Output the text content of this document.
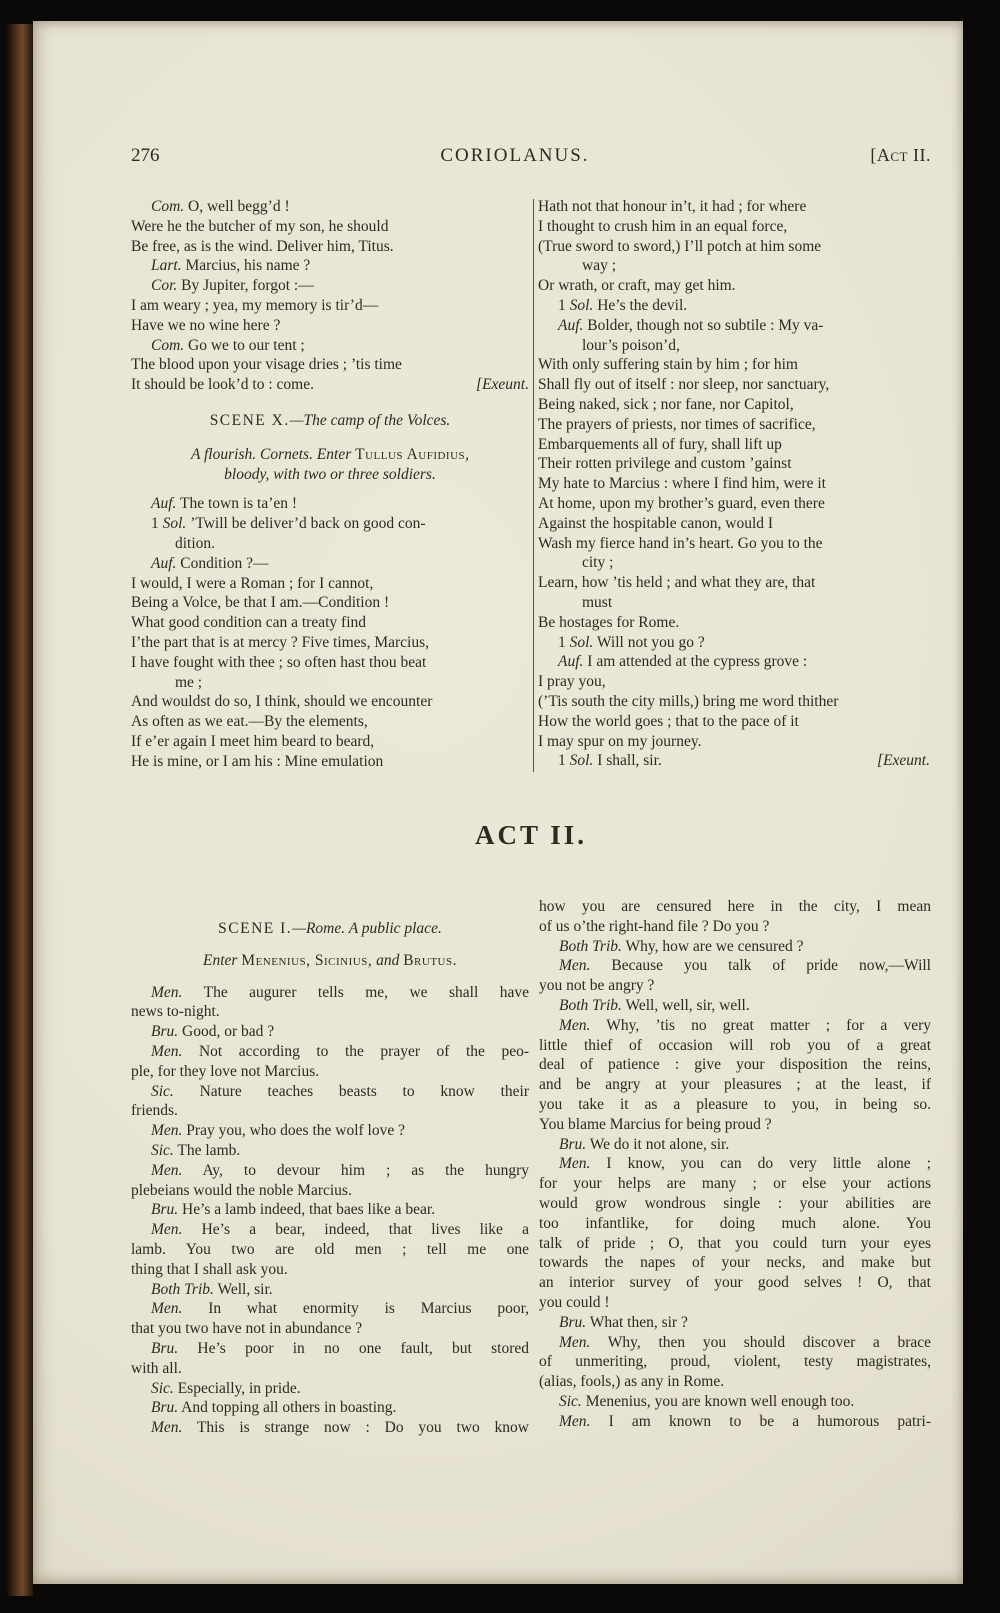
276	CORIOLANUS.	[Act II.
Com. O, well begg’d !
Were he the butcher of my son, he should
Be free, as is the wind. Deliver him, Titus.
Lart. Marcius, his name ?
Cor. By Jupiter, forgot :—
I am weary ; yea, my memory is tir’d—
Have we no wine here ?
Com. Go we to our tent ;
The blood upon your visage dries ; ’tis time
It should be look’d to : come.	[Exeunt.
SCENE X.—The camp of the Volces.
A flourish. Cornets. Enter Tullus Aufidius,
bloody, with two or three soldiers.
Auf. The town is ta’en !
1 Sol. ’Twill be deliver’d back on good con-
dition.
Auf. Condition ?—
I would, I were a Roman ; for I cannot,
Being a Volce, be that I am.—Condition !
What good condition can a treaty find
I’the part that is at mercy ? Five times, Marcius,
I have fought with thee ; so often hast thou beat
me ;
And wouldst do so, I think, should we encounter
As often as we eat.—By the elements,
If e’er again I meet him beard to beard,
He is mine, or I am his : Mine emulation
Hath not that honour in’t, it had ; for where
I thought to crush him in an equal force,
(True sword to sword,) I’ll potch at him some
way ;
Or wrath, or craft, may get him.
1 Sol. He’s the devil.
Auf. Bolder, though not so subtile : My va-
lour’s poison’d,
With only suffering stain by him ; for him
Shall fly out of itself : nor sleep, nor sanctuary,
Being naked, sick ; nor fane, nor Capitol,
The prayers of priests, nor times of sacrifice,
Embarquements all of fury, shall lift up
Their rotten privilege and custom ’gainst
My hate to Marcius : where I find him, were it
At home, upon my brother’s guard, even there
Against the hospitable canon, would I
Wash my fierce hand in’s heart. Go you to the
city ;
Learn, how ’tis held ; and what they are, that
must
Be hostages for Rome.
1 Sol. Will not you go ?
Auf. I am attended at the cypress grove :
I pray you,
(’Tis south the city mills,) bring me word thither
How the world goes ; that to the pace of it
I may spur on my journey.
1 Sol. I shall, sir.	[Exeunt.
ACT II.
SCENE I.—Rome. A public place.
Enter Menenius, Sicinius, and Brutus.
Men. The augurer tells me, we shall have
news to-night.
Bru. Good, or bad ?
Men. Not according to the prayer of the peo-
ple, for they love not Marcius.
Sic. Nature teaches beasts to know their
friends.
Men. Pray you, who does the wolf love ?
Sic. The lamb.
Men. Ay, to devour him ; as the hungry
plebeians would the noble Marcius.
Bru. He’s a lamb indeed, that baes like a bear.
Men. He’s a bear, indeed, that lives like a
lamb. You two are old men ; tell me one
thing that I shall ask you.
Both Trib. Well, sir.
Men. In what enormity is Marcius poor,
that you two have not in abundance ?
Bru. He’s poor in no one fault, but stored
with all.
Sic. Especially, in pride.
Bru. And topping all others in boasting.
Men. This is strange now : Do you two know
how you are censured here in the city, I mean
of us o’the right-hand file ? Do you ?
Both Trib. Why, how are we censured ?
Men. Because you talk of pride now,—Will
you not be angry ?
Both Trib. Well, well, sir, well.
Men. Why, ’tis no great matter ; for a very
little thief of occasion will rob you of a great
deal of patience : give your disposition the reins,
and be angry at your pleasures ; at the least, if
you take it as a pleasure to you, in being so.
You blame Marcius for being proud ?
Bru. We do it not alone, sir.
Men. I know, you can do very little alone ;
for your helps are many ; or else your actions
would grow wondrous single : your abilities are
too infantlike, for doing much alone. You
talk of pride ; O, that you could turn your eyes
towards the napes of your necks, and make but
an interior survey of your good selves ! O, that
you could !
Bru. What then, sir ?
Men. Why, then you should discover a brace
of unmeriting, proud, violent, testy magistrates,
(alias, fools,) as any in Rome.
Sic. Menenius, you are known well enough too.
Men. I am known to be a humorous patri-
